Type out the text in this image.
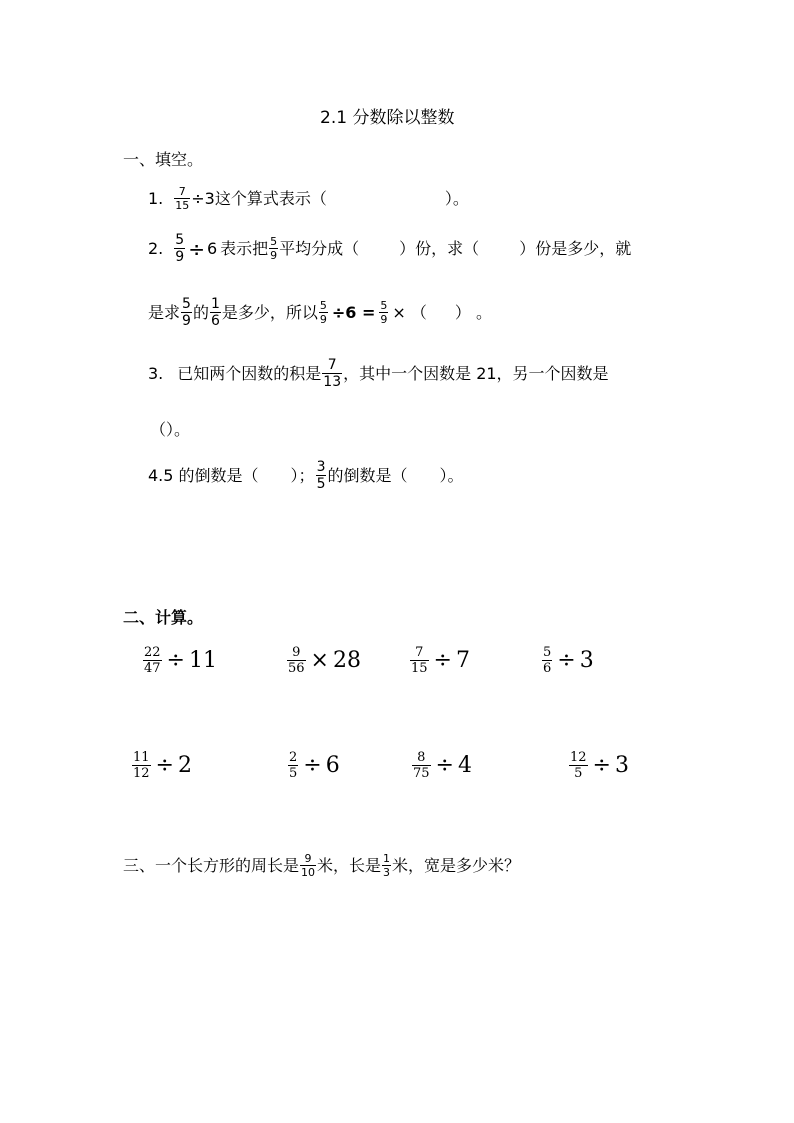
2.1 分数除以整数
一、填空。
1. $\frac{7}{15} \div 3$这个算式表示（	）。
2. $\frac{5}{9} \div 6$ 表示把 $\frac{5}{9}$ 平均分成（	）份，求（	）份是多少，就
是求 $\frac{5}{9}$ 的 $\frac{1}{6}$ 是多少，所以 $\frac{5}{9} \div 6 = \frac{5}{9}$ × （ ） 。
3. 已知两个因数的积是 $\frac{7}{13}$ ，其中一个因数是 21，另一个因数是
（）。
4.5 的倒数是（ ）； $\frac{3}{5}$ 的倒数是（ ）。
二、计算。
$\frac{22}{47} \div 11$	$\frac{9}{56} \times 28$	$\frac{7}{15} \div 7$	$\frac{5}{6} \div 3$
$\frac{11}{12} \div 2$	$\frac{2}{5} \div 6$	$\frac{8}{75} \div 4$	$\frac{12}{5} \div 3$
三、一个长方形的周长是 $\frac{9}{10}$ 米，长是 $\frac{1}{3}$ 米，宽是多少米？
